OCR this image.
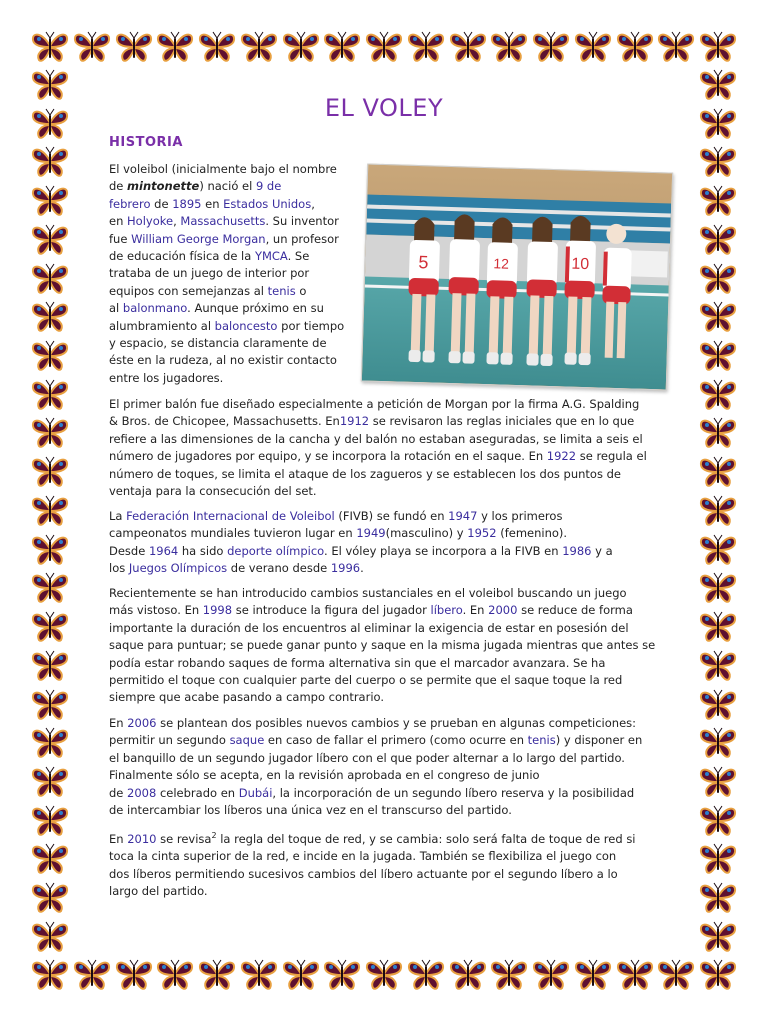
EL VOLEY
HISTORIA

El voleibol (inicialmente bajo el nombre

de mintonette) nació el 9 de

febrero de 1895 en Estados Unidos,

en Holyoke, Massachusetts. Su inventor

fue William George Morgan, un profesor

de educación física de la YMCA. Se

trataba de un juego de interior por

equipos con semejanzas al tenis o

al balonmano. Aunque próximo en su

alumbramiento al baloncesto por tiempo

y espacio, se distancia claramente de

éste en la rudeza, al no existir contacto

entre los jugadores.

5	12	10

El primer balón fue diseñado especialmente a petición de Morgan por la firma A.G. Spalding

& Bros. de Chicopee, Massachusetts. En1912 se revisaron las reglas iniciales que en lo que

refiere a las dimensiones de la cancha y del balón no estaban aseguradas, se limita a seis el

número de jugadores por equipo, y se incorpora la rotación en el saque. En 1922 se regula el

número de toques, se limita el ataque de los zagueros y se establecen los dos puntos de

ventaja para la consecución del set.

La Federación Internacional de Voleibol (FIVB) se fundó en 1947 y los primeros

campeonatos mundiales tuvieron lugar en 1949(masculino) y 1952 (femenino).

Desde 1964 ha sido deporte olímpico. El vóley playa se incorpora a la FIVB en 1986 y a

los Juegos Olímpicos de verano desde 1996.

Recientemente se han introducido cambios sustanciales en el voleibol buscando un juego

más vistoso. En 1998 se introduce la figura del jugador líbero. En 2000 se reduce de forma

importante la duración de los encuentros al eliminar la exigencia de estar en posesión del

saque para puntuar; se puede ganar punto y saque en la misma jugada mientras que antes se

podía estar robando saques de forma alternativa sin que el marcador avanzara. Se ha

permitido el toque con cualquier parte del cuerpo o se permite que el saque toque la red

siempre que acabe pasando a campo contrario.

En 2006 se plantean dos posibles nuevos cambios y se prueban en algunas competiciones:

permitir un segundo saque en caso de fallar el primero (como ocurre en tenis) y disponer en

el banquillo de un segundo jugador líbero con el que poder alternar a lo largo del partido.

Finalmente sólo se acepta, en la revisión aprobada en el congreso de junio

de 2008 celebrado en Dubái, la incorporación de un segundo líbero reserva y la posibilidad

de intercambiar los líberos una única vez en el transcurso del partido.

En 2010 se revisa$^2$ la regla del toque de red, y se cambia: solo será falta de toque de red si

toca la cinta superior de la red, e incide en la jugada. También se flexibiliza el juego con

dos líberos permitiendo sucesivos cambios del líbero actuante por el segundo líbero a lo

largo del partido.
